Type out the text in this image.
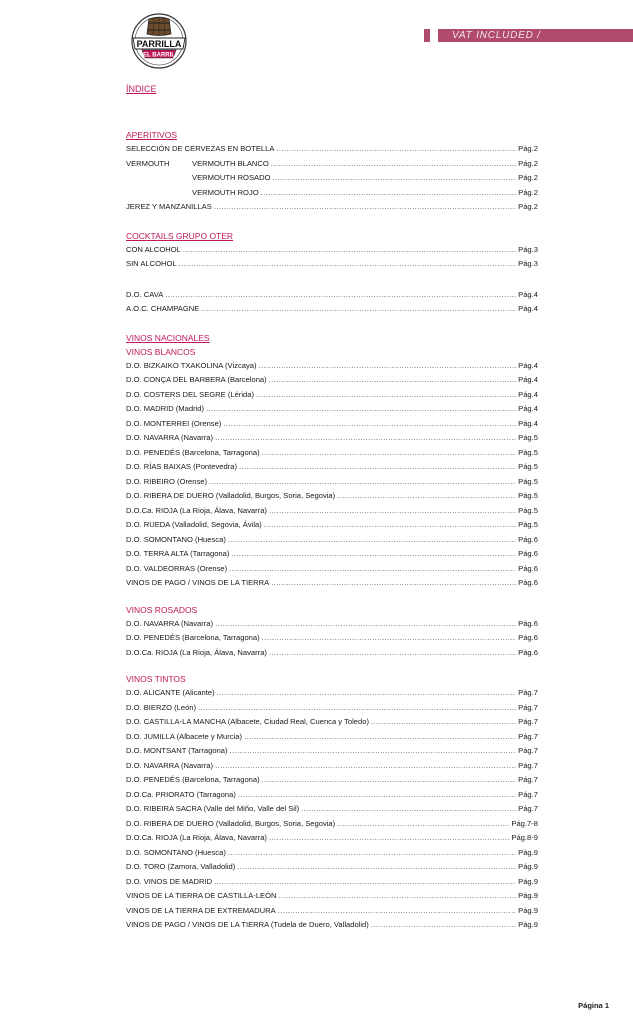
PARRILLA
EL BARRIL
VAT INCLUDED /
ÍNDICE
APERITIVOS
SELECCIÓN DE CERVEZAS EN BOTELLA .....	Pág.2
VERMOUTH	VERMOUTH BLANCO .....	Pág.2
VERMOUTH ROSADO .....	Pág.2
VERMOUTH ROJO .....	Pág.2
JEREZ Y MANZANILLAS .....	Pág.2
COCKTAILS GRUPO OTER
CON ALCOHOL .....	Pág.3
SIN ALCOHOL .....	Pág.3
D.O. CAVA .....	Pág.4
A.O.C. CHAMPAGNE .....	Pág.4
VINOS NACIONALES
VINOS BLANCOS
D.O. BIZKAIKO TXAKOLINA (Vizcaya) .....	Pág.4
D.O. CONÇA DEL BARBERA (Barcelona) .....	Pág.4
D.O. COSTERS DEL SEGRE (Lérida) .....	Pág.4
D.O. MADRID (Madrid) .....	Pág.4
D.O. MONTERREI (Orense) .....	Pág.4
D.O. NAVARRA (Navarra) .....	Pág.5
D.O. PENEDÉS (Barcelona, Tarragona) .....	Pág.5
D.O. RÍAS BAIXAS (Pontevedra) .....	Pág.5
D.O. RIBEIRO (Orense) .....	Pág.5
D.O. RIBERA DE DUERO (Valladolid, Burgos, Soria, Segovia) .....	Pág.5
D.O.Ca. RIOJA (La Rioja, Álava, Navarra) .....	Pág.5
D.O. RUEDA (Valladolid, Segovia, Ávila) .....	Pág.5
D.O. SOMONTANO (Huesca) .....	Pág.6
D.O. TERRA ALTA (Tarragona) .....	Pág.6
D.O. VALDEORRAS (Orense) .....	Pág.6
VINOS DE PAGO / VINOS DE LA TIERRA .....	Pág.6
VINOS ROSADOS
D.O. NAVARRA (Navarra) .....	Pág.6
D.O. PENEDÉS (Barcelona, Tarragona) .....	Pág.6
D.O.Ca. RIOJA (La Rioja, Álava, Navarra) .....	Pág.6
VINOS TINTOS
D.O. ALICANTE (Alicante) .....	Pág.7
D.O. BIERZO (León) .....	Pág.7
D.O. CASTILLA-LA MANCHA (Albacete, Ciudad Real, Cuenca y Toledo) .....	Pág.7
D.O. JUMILLA (Albacete y Murcia) .....	Pág.7
D.O. MONTSANT (Tarragona) .....	Pág.7
D.O. NAVARRA (Navarra) .....	Pág.7
D.O. PENEDÉS (Barcelona, Tarragona) .....	Pág.7
D.O.Ca. PRIORATO (Tarragona) .....	Pág.7
D.O. RIBEIRA SACRA (Valle del Miño, Valle del Sil) .....	Pág.7
D.O. RIBERA DE DUERO (Valladolid, Burgos, Soria, Segovia) .....	Pág.7-8
D.O.Ca. RIOJA (La Rioja, Álava, Navarra) .....	Pág.8-9
D.O. SOMONTANO (Huesca) .....	Pág.9
D.O. TORO (Zamora, Valladolid) .....	Pág.9
D.O. VINOS DE MADRID .....	Pág.9
VINOS DE LA TIERRA DE CASTILLA-LEÓN .....	Pág.9
VINOS DE LA TIERRA DE EXTREMADURA .....	Pág.9
VINOS DE PAGO / VINOS DE LA TIERRA (Tudela de Duero, Valladolid) .....	Pág.9
Página 1
